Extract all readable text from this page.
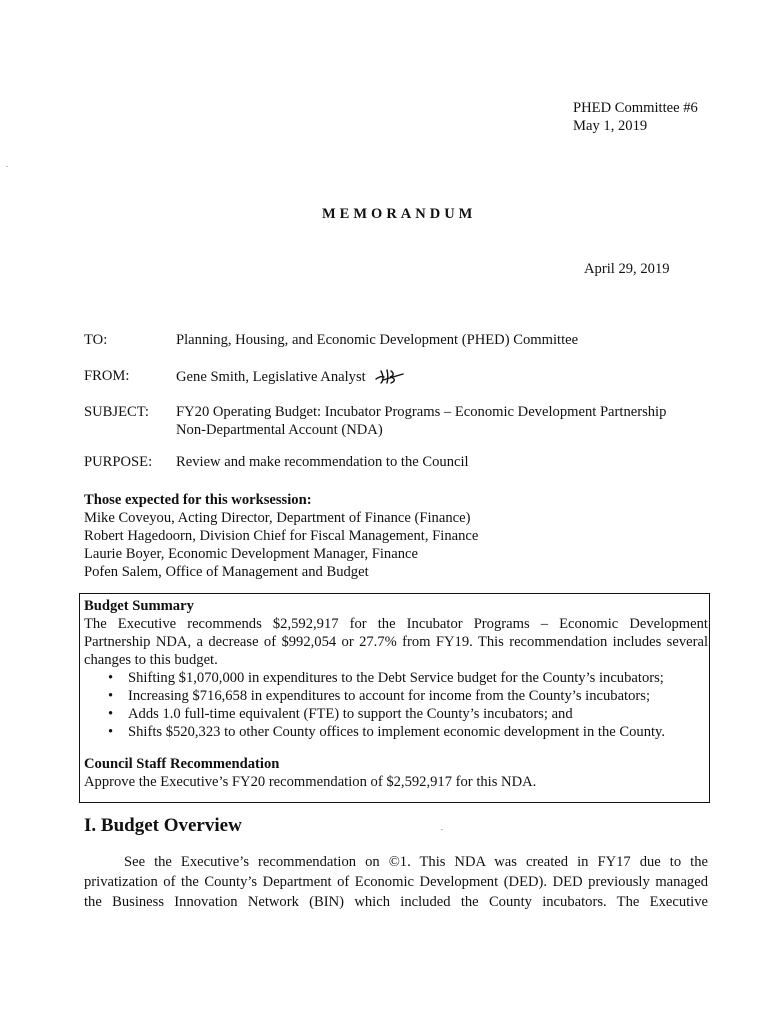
PHED Committee #6
May 1, 2019
MEMORANDUM
April 29, 2019
TO:	Planning, Housing, and Economic Development (PHED) Committee
FROM:	Gene Smith, Legislative Analyst
SUBJECT:	FY20 Operating Budget: Incubator Programs – Economic Development Partnership
Non-Departmental Account (NDA)
PURPOSE:	Review and make recommendation to the Council
Those expected for this worksession:
Mike Coveyou, Acting Director, Department of Finance (Finance)
Robert Hagedoorn, Division Chief for Fiscal Management, Finance
Laurie Boyer, Economic Development Manager, Finance
Pofen Salem, Office of Management and Budget
Budget Summary
The Executive recommends $2,592,917 for the Incubator Programs – Economic Development
Partnership NDA, a decrease of $992,054 or 27.7% from FY19. This recommendation includes several
changes to this budget.
• Shifting $1,070,000 in expenditures to the Debt Service budget for the County’s incubators;
• Increasing $716,658 in expenditures to account for income from the County’s incubators;
• Adds 1.0 full-time equivalent (FTE) to support the County’s incubators; and
• Shifts $520,323 to other County offices to implement economic development in the County.
Council Staff Recommendation
Approve the Executive’s FY20 recommendation of $2,592,917 for this NDA.
I. Budget Overview
See the Executive’s recommendation on ©1. This NDA was created in FY17 due to the
privatization of the County’s Department of Economic Development (DED). DED previously managed
the Business Innovation Network (BIN) which included the County incubators. The Executive
